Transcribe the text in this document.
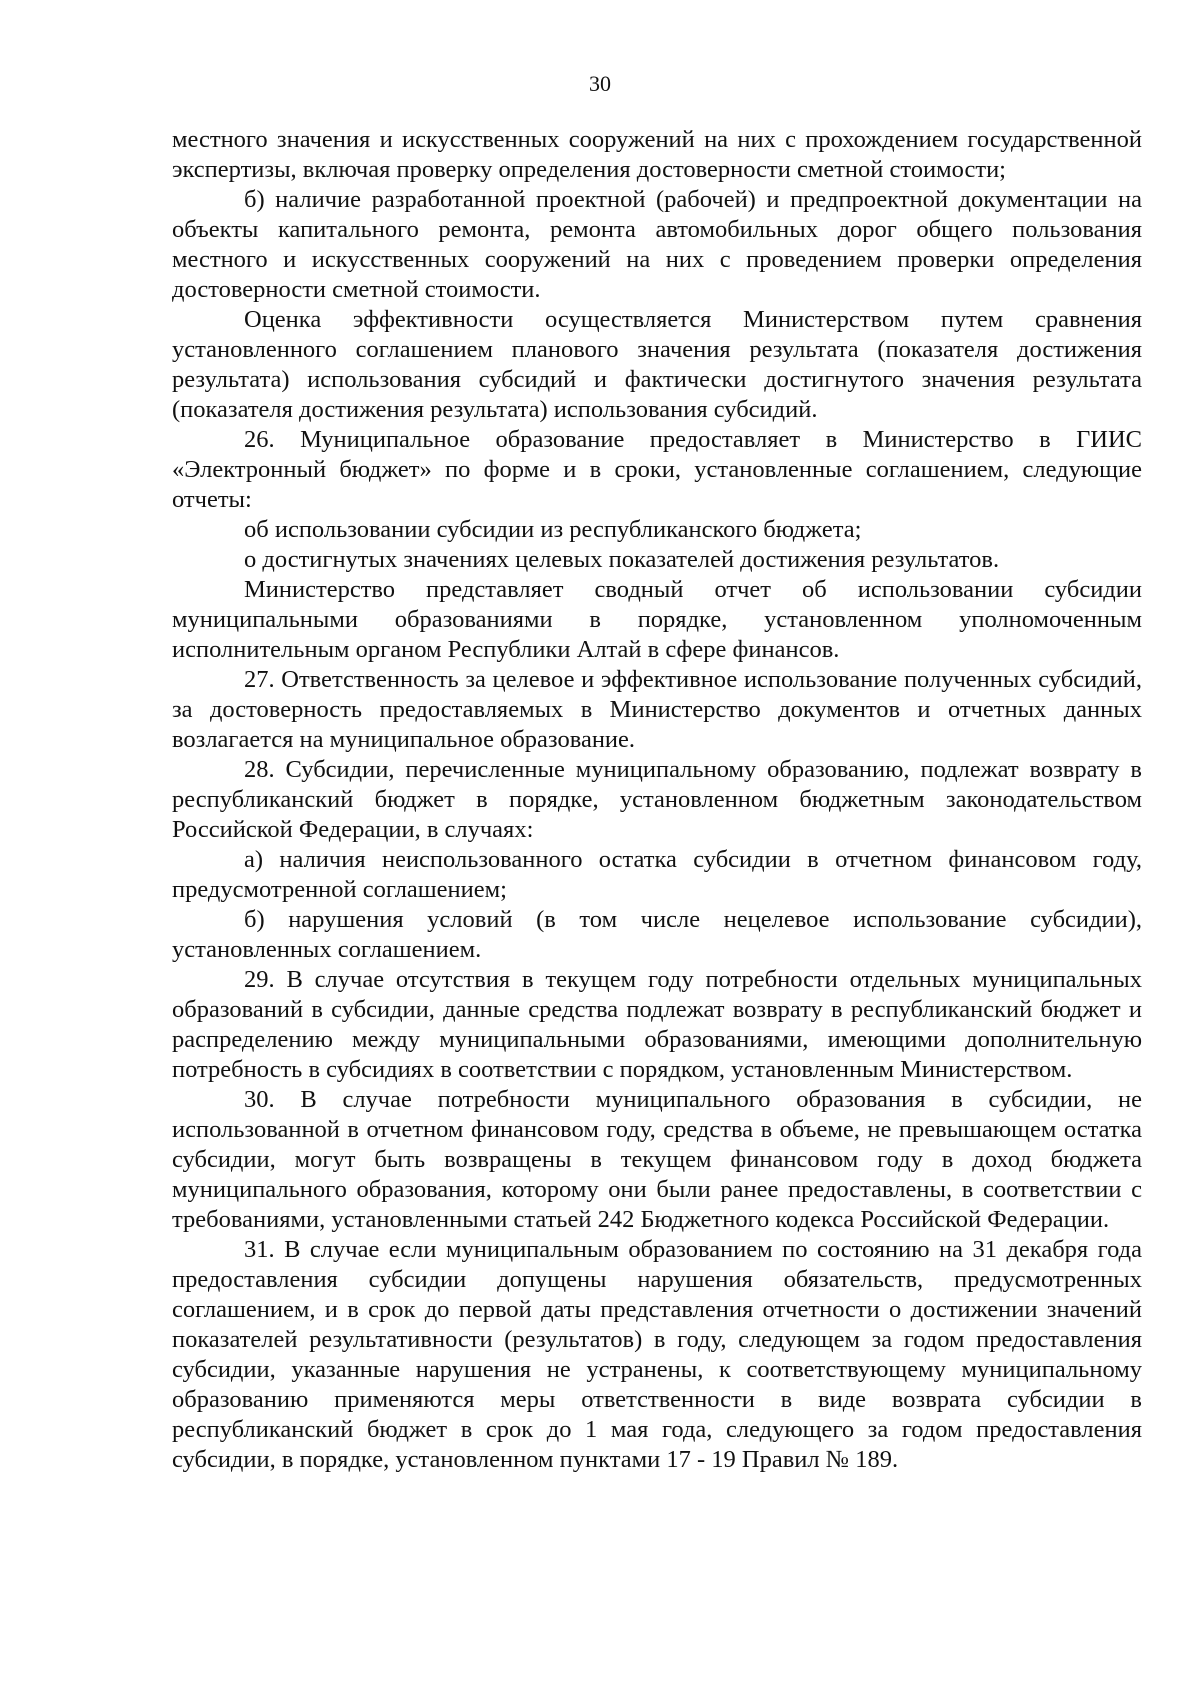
30

местного значения и искусственных сооружений на них с прохождением государственной экспертизы, включая проверку определения достоверности сметной стоимости;

б) наличие разработанной проектной (рабочей) и предпроектной документации на объекты капитального ремонта, ремонта автомобильных дорог общего пользования местного и искусственных сооружений на них с проведением проверки определения достоверности сметной стоимости.

Оценка эффективности осуществляется Министерством путем сравнения установленного соглашением планового значения результата (показателя достижения результата) использования субсидий и фактически достигнутого значения результата (показателя достижения результата) использования субсидий.

26. Муниципальное образование предоставляет в Министерство в ГИИС «Электронный бюджет» по форме и в сроки, установленные соглашением, следующие отчеты:

об использовании субсидии из республиканского бюджета;

о достигнутых значениях целевых показателей достижения результатов.

Министерство представляет сводный отчет об использовании субсидии муниципальными образованиями в порядке, установленном уполномоченным исполнительным органом Республики Алтай в сфере финансов.

27. Ответственность за целевое и эффективное использование полученных субсидий, за достоверность предоставляемых в Министерство документов и отчетных данных возлагается на муниципальное образование.

28. Субсидии, перечисленные муниципальному образованию, подлежат возврату в республиканский бюджет в порядке, установленном бюджетным законодательством Российской Федерации, в случаях:

а) наличия неиспользованного остатка субсидии в отчетном финансовом году, предусмотренной соглашением;

б) нарушения условий (в том числе нецелевое использование субсидии), установленных соглашением.

29. В случае отсутствия в текущем году потребности отдельных муниципальных образований в субсидии, данные средства подлежат возврату в республиканский бюджет и распределению между муниципальными образованиями, имеющими дополнительную потребность в субсидиях в соответствии с порядком, установленным Министерством.

30. В случае потребности муниципального образования в субсидии, не использованной в отчетном финансовом году, средства в объеме, не превышающем остатка субсидии, могут быть возвращены в текущем финансовом году в доход бюджета муниципального образования, которому они были ранее предоставлены, в соответствии с требованиями, установленными статьей 242 Бюджетного кодекса Российской Федерации.

31. В случае если муниципальным образованием по состоянию на 31 декабря года предоставления субсидии допущены нарушения обязательств, предусмотренных соглашением, и в срок до первой даты представления отчетности о достижении значений показателей результативности (результатов) в году, следующем за годом предоставления субсидии, указанные нарушения не устранены, к соответствующему муниципальному образованию применяются меры ответственности в виде возврата субсидии в республиканский бюджет в срок до 1 мая года, следующего за годом предоставления субсидии, в порядке, установленном пунктами 17 - 19 Правил № 189.
